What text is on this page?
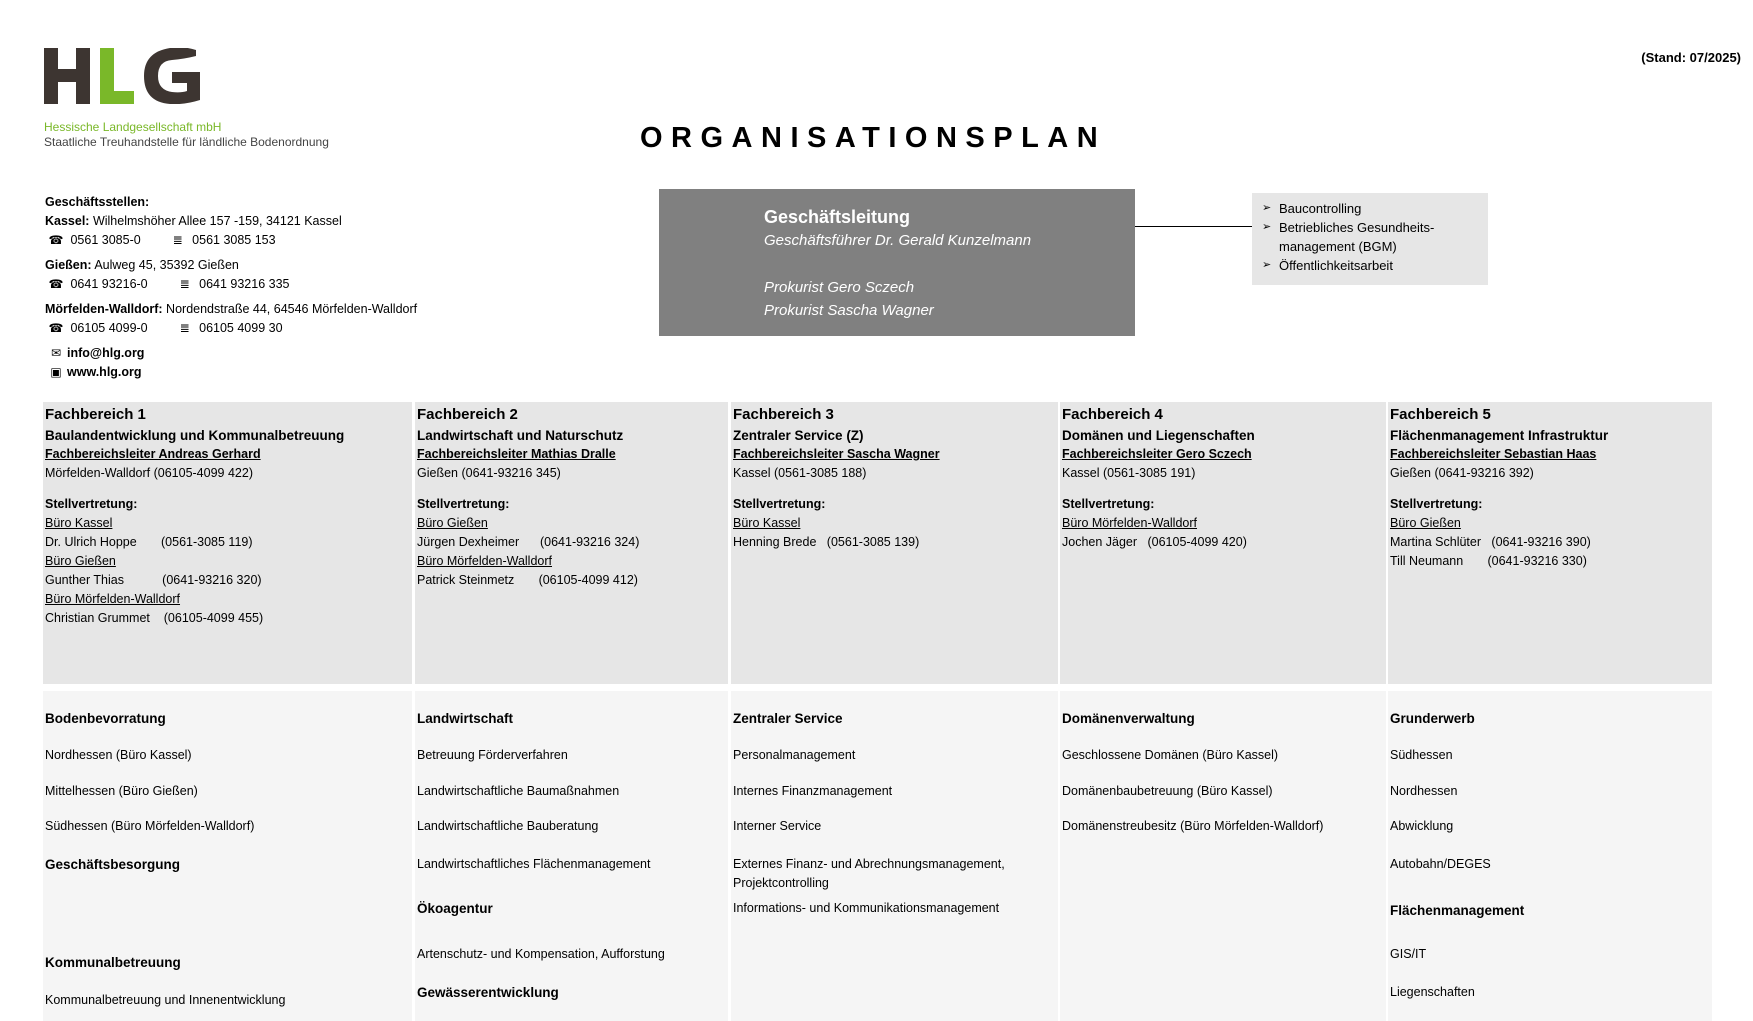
Hessische Landgesellschaft mbH
Staatliche Treuhandstelle für ländliche Bodenordnung
(Stand: 07/2025)
ORGANISATIONSPLAN
Geschäftsstellen:
Kassel: Wilhelmshöher Allee 157 -159, 34121 Kassel
☎ 0561 3085-0	≣ 0561 3085 153
Gießen: Aulweg 45, 35392 Gießen
☎ 0641 93216-0	≣ 0641 93216 335
Mörfelden-Walldorf: Nordendstraße 44, 64546 Mörfelden-Walldorf
☎ 06105 4099-0	≣ 06105 4099 30
✉ info@hlg.org
▣ www.hlg.org
Geschäftsleitung
Geschäftsführer Dr. Gerald Kunzelmann
Prokurist Gero Sczech
Prokurist Sascha Wagner
➢ Baucontrolling
➢ Betriebliches Gesundheits-
management (BGM)
➢ Öffentlichkeitsarbeit
Fachbereich 1
Baulandentwicklung und Kommunalbetreuung
Fachbereichsleiter Andreas Gerhard
Mörfelden-Walldorf (06105-4099 422)
Stellvertretung:
Büro Kassel
Dr. Ulrich Hoppe       (0561-3085 119)
Büro Gießen
Gunther Thias           (0641-93216 320)
Büro Mörfelden-Walldorf
Christian Grummet    (06105-4099 455)
Fachbereich 2
Landwirtschaft und Naturschutz
Fachbereichsleiter Mathias Dralle
Gießen (0641-93216 345)
Stellvertretung:
Büro Gießen
Jürgen Dexheimer      (0641-93216 324)
Büro Mörfelden-Walldorf
Patrick Steinmetz       (06105-4099 412)
Fachbereich 3
Zentraler Service (Z)
Fachbereichsleiter Sascha Wagner
Kassel (0561-3085 188)
Stellvertretung:
Büro Kassel
Henning Brede   (0561-3085 139)
Fachbereich 4
Domänen und Liegenschaften
Fachbereichsleiter Gero Sczech
Kassel (0561-3085 191)
Stellvertretung:
Büro Mörfelden-Walldorf
Jochen Jäger   (06105-4099 420)
Fachbereich 5
Flächenmanagement Infrastruktur
Fachbereichsleiter Sebastian Haas
Gießen (0641-93216 392)
Stellvertretung:
Büro Gießen
Martina Schlüter   (0641-93216 390)
Till Neumann       (0641-93216 330)
Bodenbevorratung
Nordhessen (Büro Kassel)
Mittelhessen (Büro Gießen)
Südhessen (Büro Mörfelden-Walldorf)
Geschäftsbesorgung
Kommunalbetreuung
Kommunalbetreuung und Innenentwicklung
Landwirtschaft
Betreuung Förderverfahren
Landwirtschaftliche Baumaßnahmen
Landwirtschaftliche Bauberatung
Landwirtschaftliches Flächenmanagement
Ökoagentur
Artenschutz- und Kompensation, Aufforstung
Gewässerentwicklung
Zentraler Service
Personalmanagement
Internes Finanzmanagement
Interner Service
Externes Finanz- und Abrechnungsmanagement,
Projektcontrolling
Informations- und Kommunikationsmanagement
Domänenverwaltung
Geschlossene Domänen (Büro Kassel)
Domänenbaubetreuung (Büro Kassel)
Domänenstreubesitz (Büro Mörfelden-Walldorf)
Grunderwerb
Südhessen
Nordhessen
Abwicklung
Autobahn/DEGES
Flächenmanagement
GIS/IT
Liegenschaften
